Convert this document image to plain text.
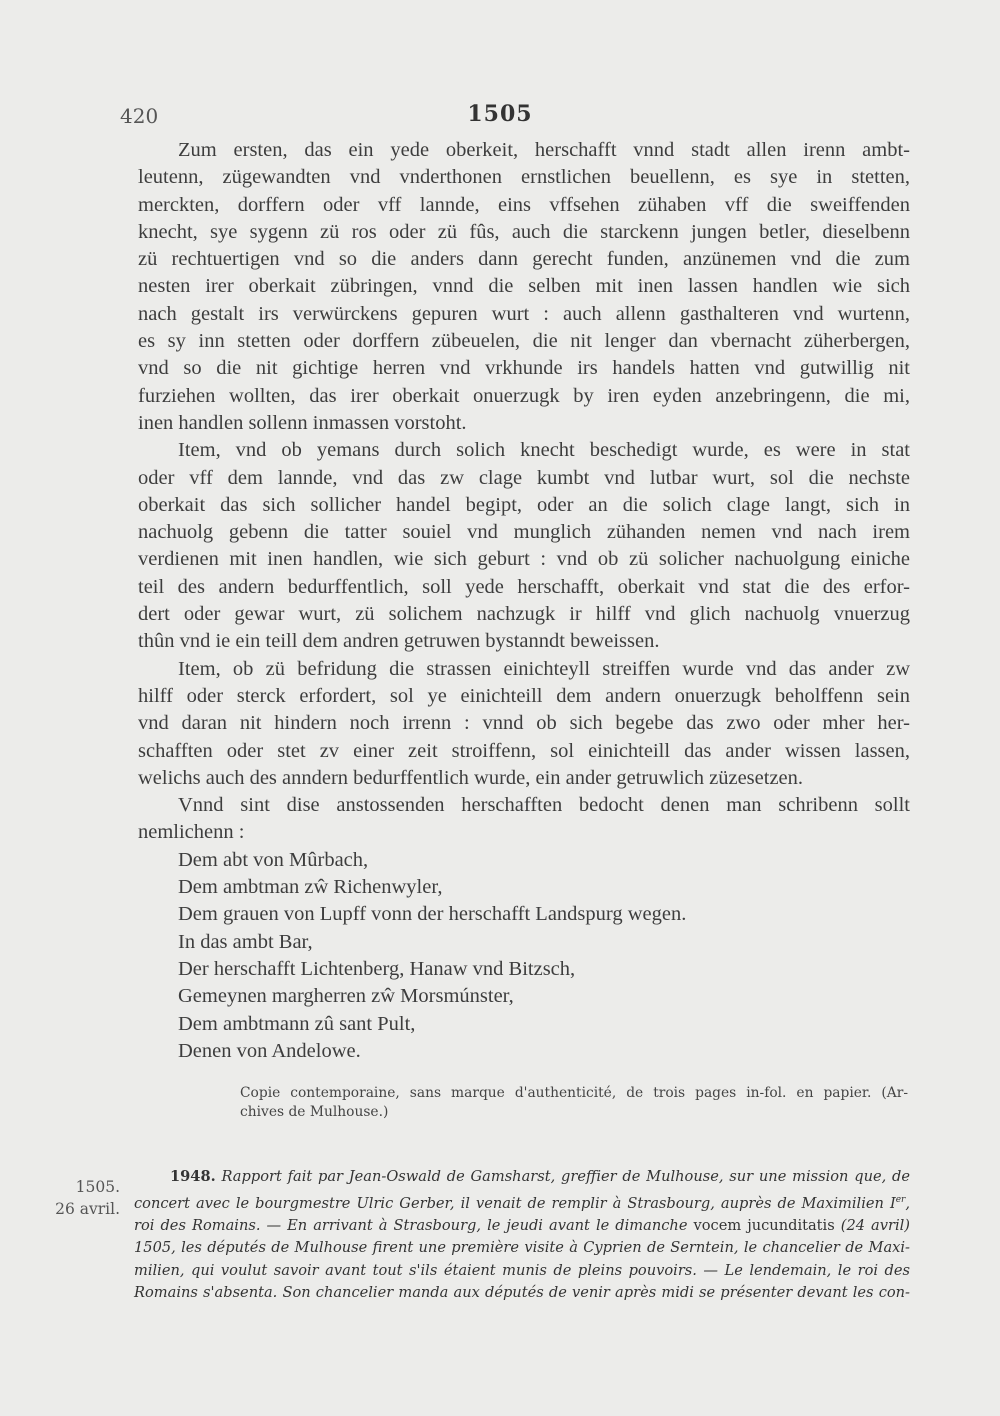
420	1505
Zum ersten, das ein yede oberkeit, herschafft vnnd stadt allen irenn ambt-
leutenn, zügewandten vnd vnderthonen ernstlichen beuellenn, es sye in stetten,
merckten, dorffern oder vff lannde, eins vffsehen zühaben vff die sweiffenden
knecht, sye sygenn zü ros oder zü fûs, auch die starckenn jungen betler, dieselbenn
zü rechtuertigen vnd so die anders dann gerecht funden, anzünemen vnd die zum
nesten irer oberkait zübringen, vnnd die selben mit inen lassen handlen wie sich
nach gestalt irs verwürckens gepuren wurt : auch allenn gasthalteren vnd wurtenn,
es sy inn stetten oder dorffern zübeuelen, die nit lenger dan vbernacht züherbergen,
vnd so die nit gichtige herren vnd vrkhunde irs handels hatten vnd gutwillig nit
furziehen wollten, das irer oberkait onuerzugk by iren eyden anzebringenn, die mi,
inen handlen sollenn inmassen vorstoht.
Item, vnd ob yemans durch solich knecht beschedigt wurde, es were in stat
oder vff dem lannde, vnd das zw clage kumbt vnd lutbar wurt, sol die nechste
oberkait das sich sollicher handel begipt, oder an die solich clage langt, sich in
nachuolg gebenn die tatter souiel vnd munglich zühanden nemen vnd nach irem
verdienen mit inen handlen, wie sich geburt : vnd ob zü solicher nachuolgung einiche
teil des andern bedurffentlich, soll yede herschafft, oberkait vnd stat die des erfor-
dert oder gewar wurt, zü solichem nachzugk ir hilff vnd glich nachuolg vnuerzug
thûn vnd ie ein teill dem andren getruwen bystanndt beweissen.
Item, ob zü befridung die strassen einichteyll streiffen wurde vnd das ander zw
hilff oder sterck erfordert, sol ye einichteill dem andern onuerzugk beholffenn sein
vnd daran nit hindern noch irrenn : vnnd ob sich begebe das zwo oder mher her-
schafften oder stet zv einer zeit stroiffenn, sol einichteill das ander wissen lassen,
welichs auch des anndern bedurffentlich wurde, ein ander getruwlich züzesetzen.
Vnnd sint dise anstossenden herschafften bedocht denen man schribenn sollt
nemlichenn :
Dem abt von Mûrbach,
Dem ambtman zŵ Richenwyler,
Dem grauen von Lupff vonn der herschafft Landspurg wegen.
In das ambt Bar,
Der herschafft Lichtenberg, Hanaw vnd Bitzsch,
Gemeynen margherren zŵ Morsmúnster,
Dem ambtmann zû sant Pult,
Denen von Andelowe.
Copie contemporaine, sans marque d'authenticité, de trois pages in-fol. en papier. (Ar-
chives de Mulhouse.)
1505.
26 avril.
1948. Rapport fait par Jean-Oswald de Gamsharst, greffier de Mulhouse, sur une mission que, de
concert avec le bourgmestre Ulric Gerber, il venait de remplir à Strasbourg, auprès de Maximilien Ier,
roi des Romains. — En arrivant à Strasbourg, le jeudi avant le dimanche vocem jucunditatis (24 avril)
1505, les députés de Mulhouse firent une première visite à Cyprien de Serntein, le chancelier de Maxi-
milien, qui voulut savoir avant tout s'ils étaient munis de pleins pouvoirs. — Le lendemain, le roi des
Romains s'absenta. Son chancelier manda aux députés de venir après midi se présenter devant les con-
